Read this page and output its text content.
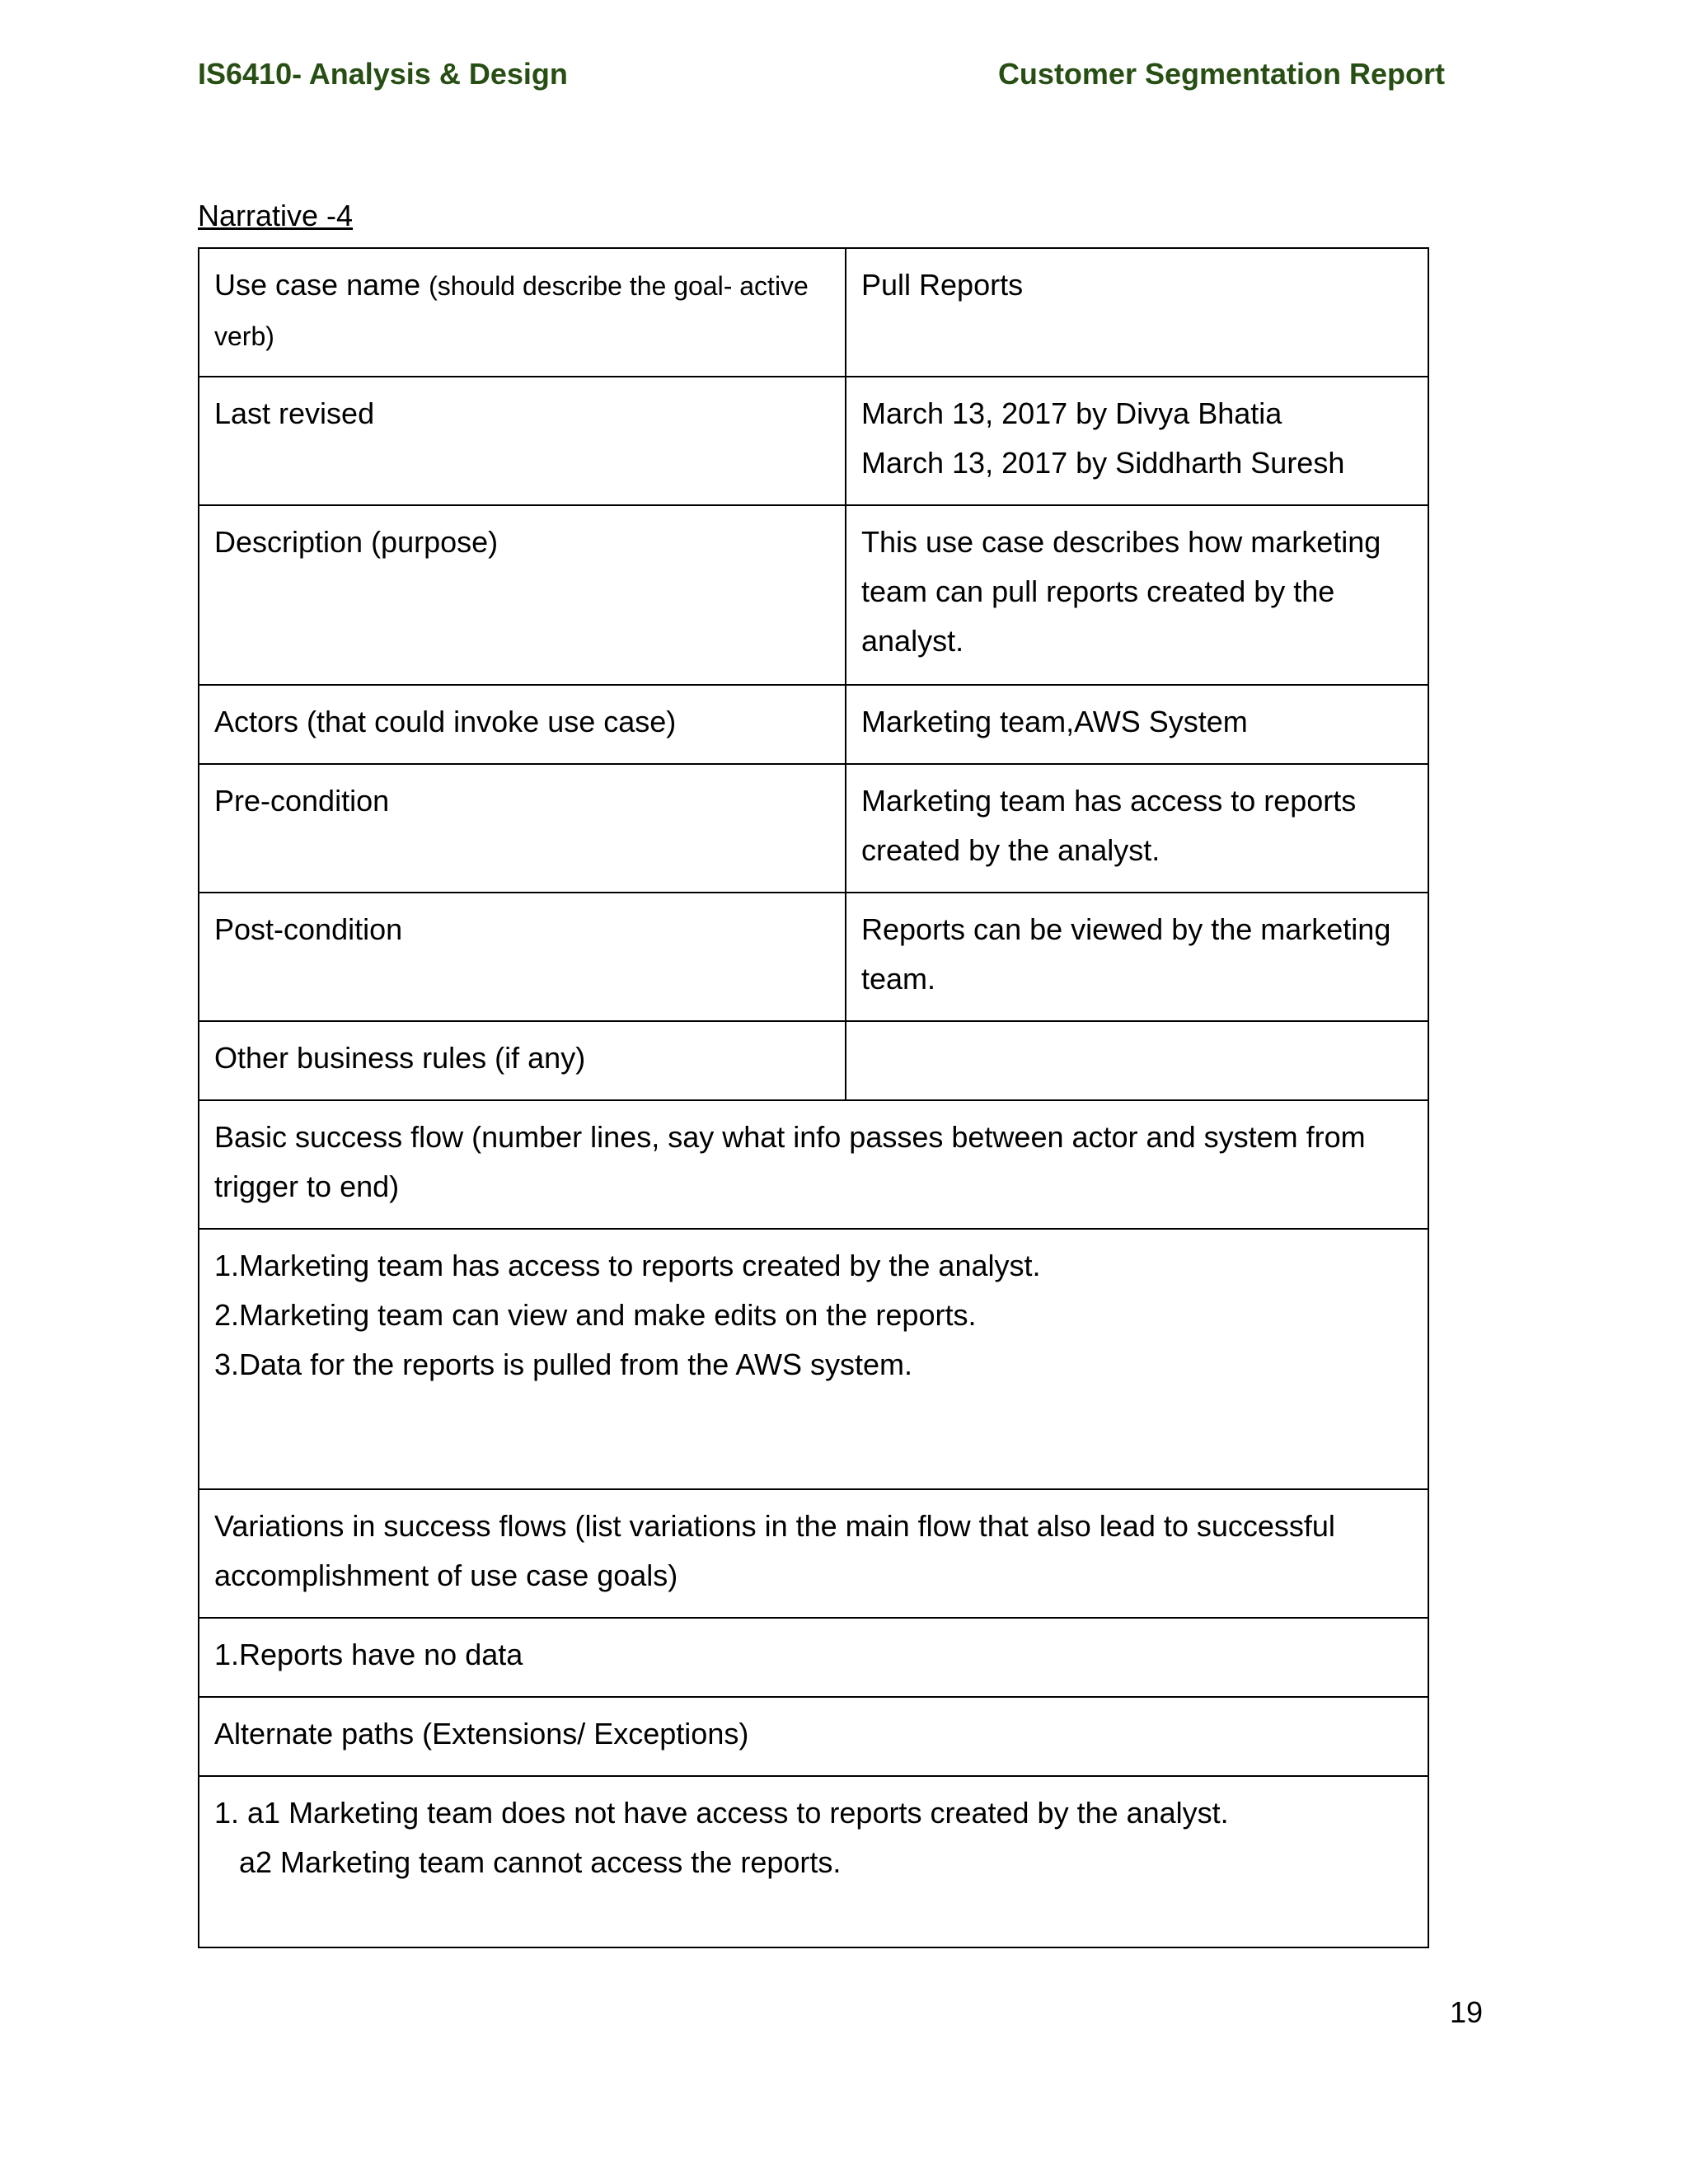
IS6410- Analysis & Design	Customer Segmentation Report
Narrative -4
Use case name (should describe the goal- active verb)	Pull Reports
Last revised	March 13, 2017 by Divya Bhatia
March 13, 2017 by Siddharth Suresh

Description (purpose)	This use case describes how marketing team can pull reports created by the analyst.
Actors (that could invoke use case)	Marketing team,AWS System
Pre-condition	Marketing team has access to reports created by the analyst.
Post-condition	Reports can be viewed by the marketing team.
Other business rules (if any)	
Basic success flow (number lines, say what info passes between actor and system from trigger to end)	

1.Marketing team has access to reports created by the analyst.
2.Marketing team can view and make edits on the reports.
3.Data for the reports is pulled from the AWS system.	

Variations in success flows (list variations in the main flow that also lead to successful accomplishment of use case goals)	

1.Reports have no data	

Alternate paths (Extensions/ Exceptions)	

1. a1 Marketing team does not have access to reports created by the analyst.
a2 Marketing team cannot access the reports.	
19
